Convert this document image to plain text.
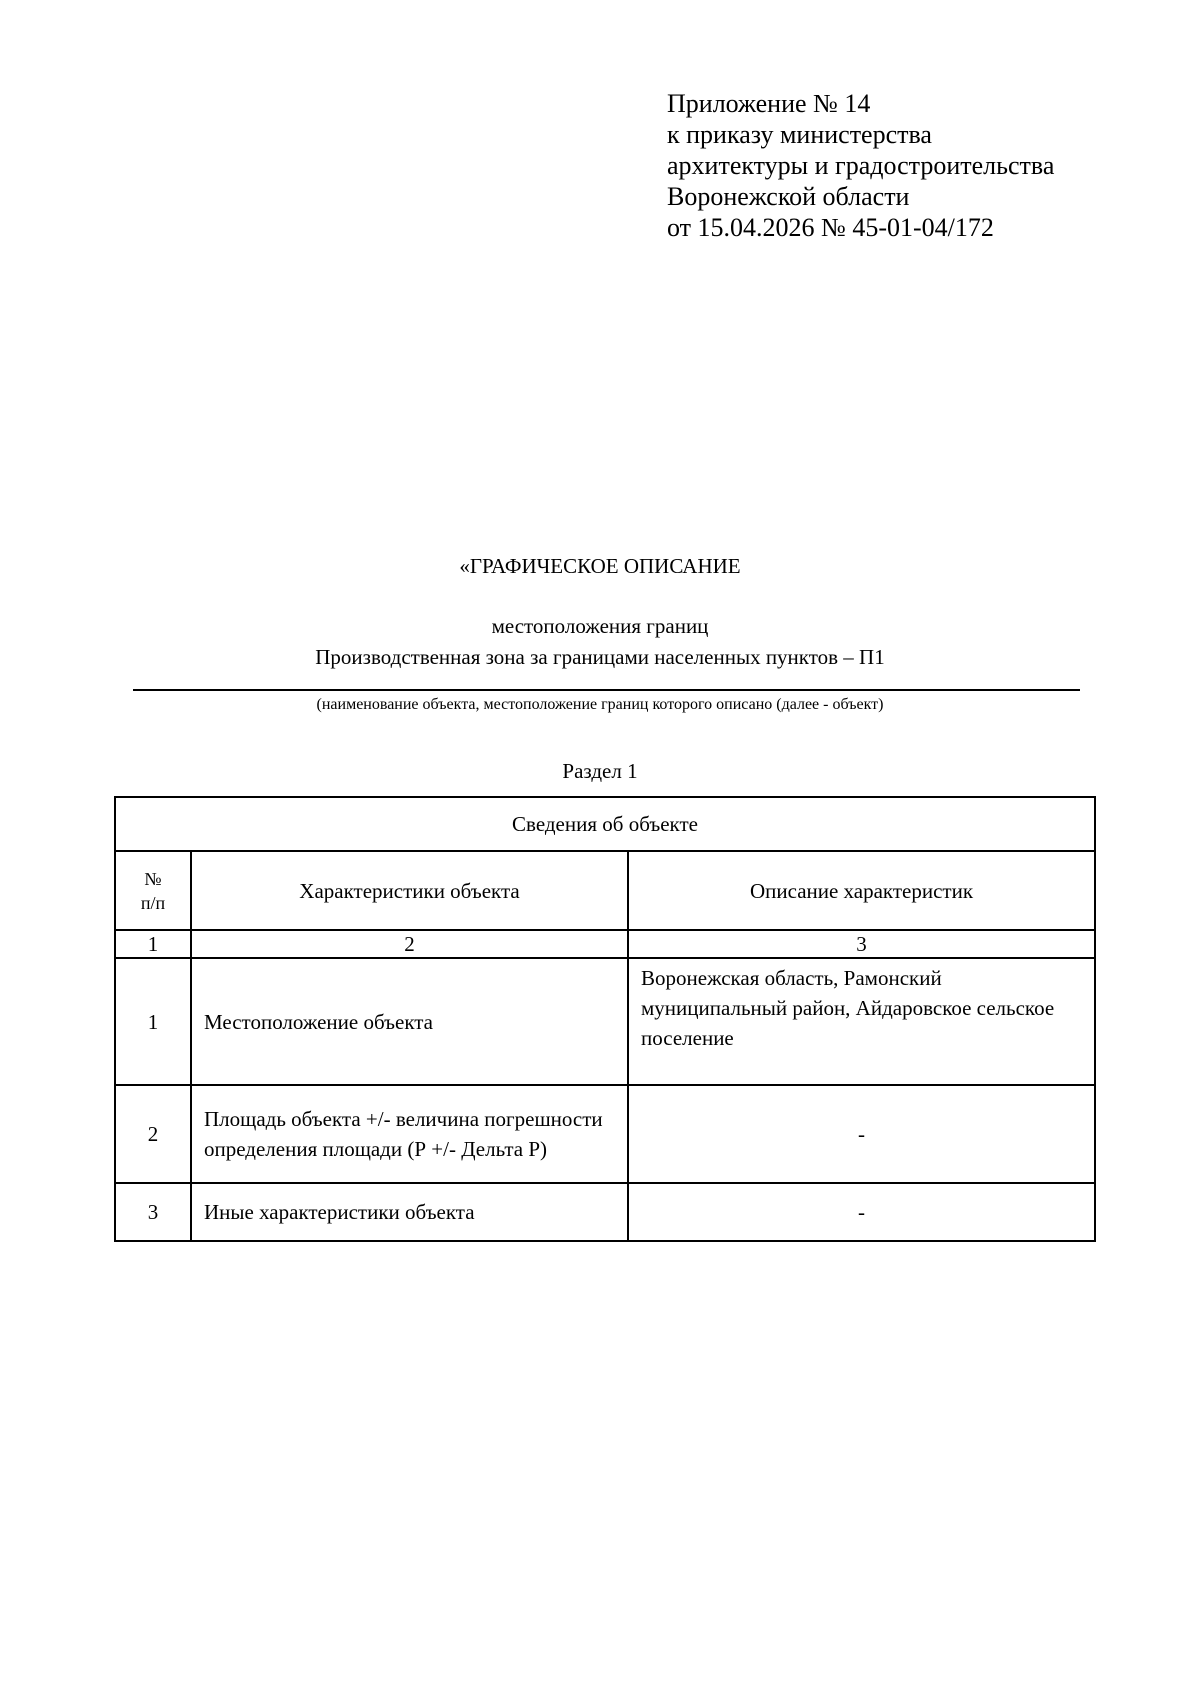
Приложение № 14
к приказу министерства
архитектуры и градостроительства
Воронежской области
от 15.04.2026 № 45-01-04/172
«ГРАФИЧЕСКОЕ ОПИСАНИЕ
местоположения границ
Производственная зона за границами населенных пунктов – П1
(наименование объекта, местоположение границ которого описано (далее - объект)
Раздел 1
Сведения об объекте		

№
п/п	Характеристики объекта	Описание характеристик
1	2	3
1	Местоположение объекта	Воронежская область, Рамонский муниципальный район, Айдаровское сельское поселение
2	Площадь объекта +/- величина погрешности определения площади (Р +/- Дельта Р)	-
3	Иные характеристики объекта	-
